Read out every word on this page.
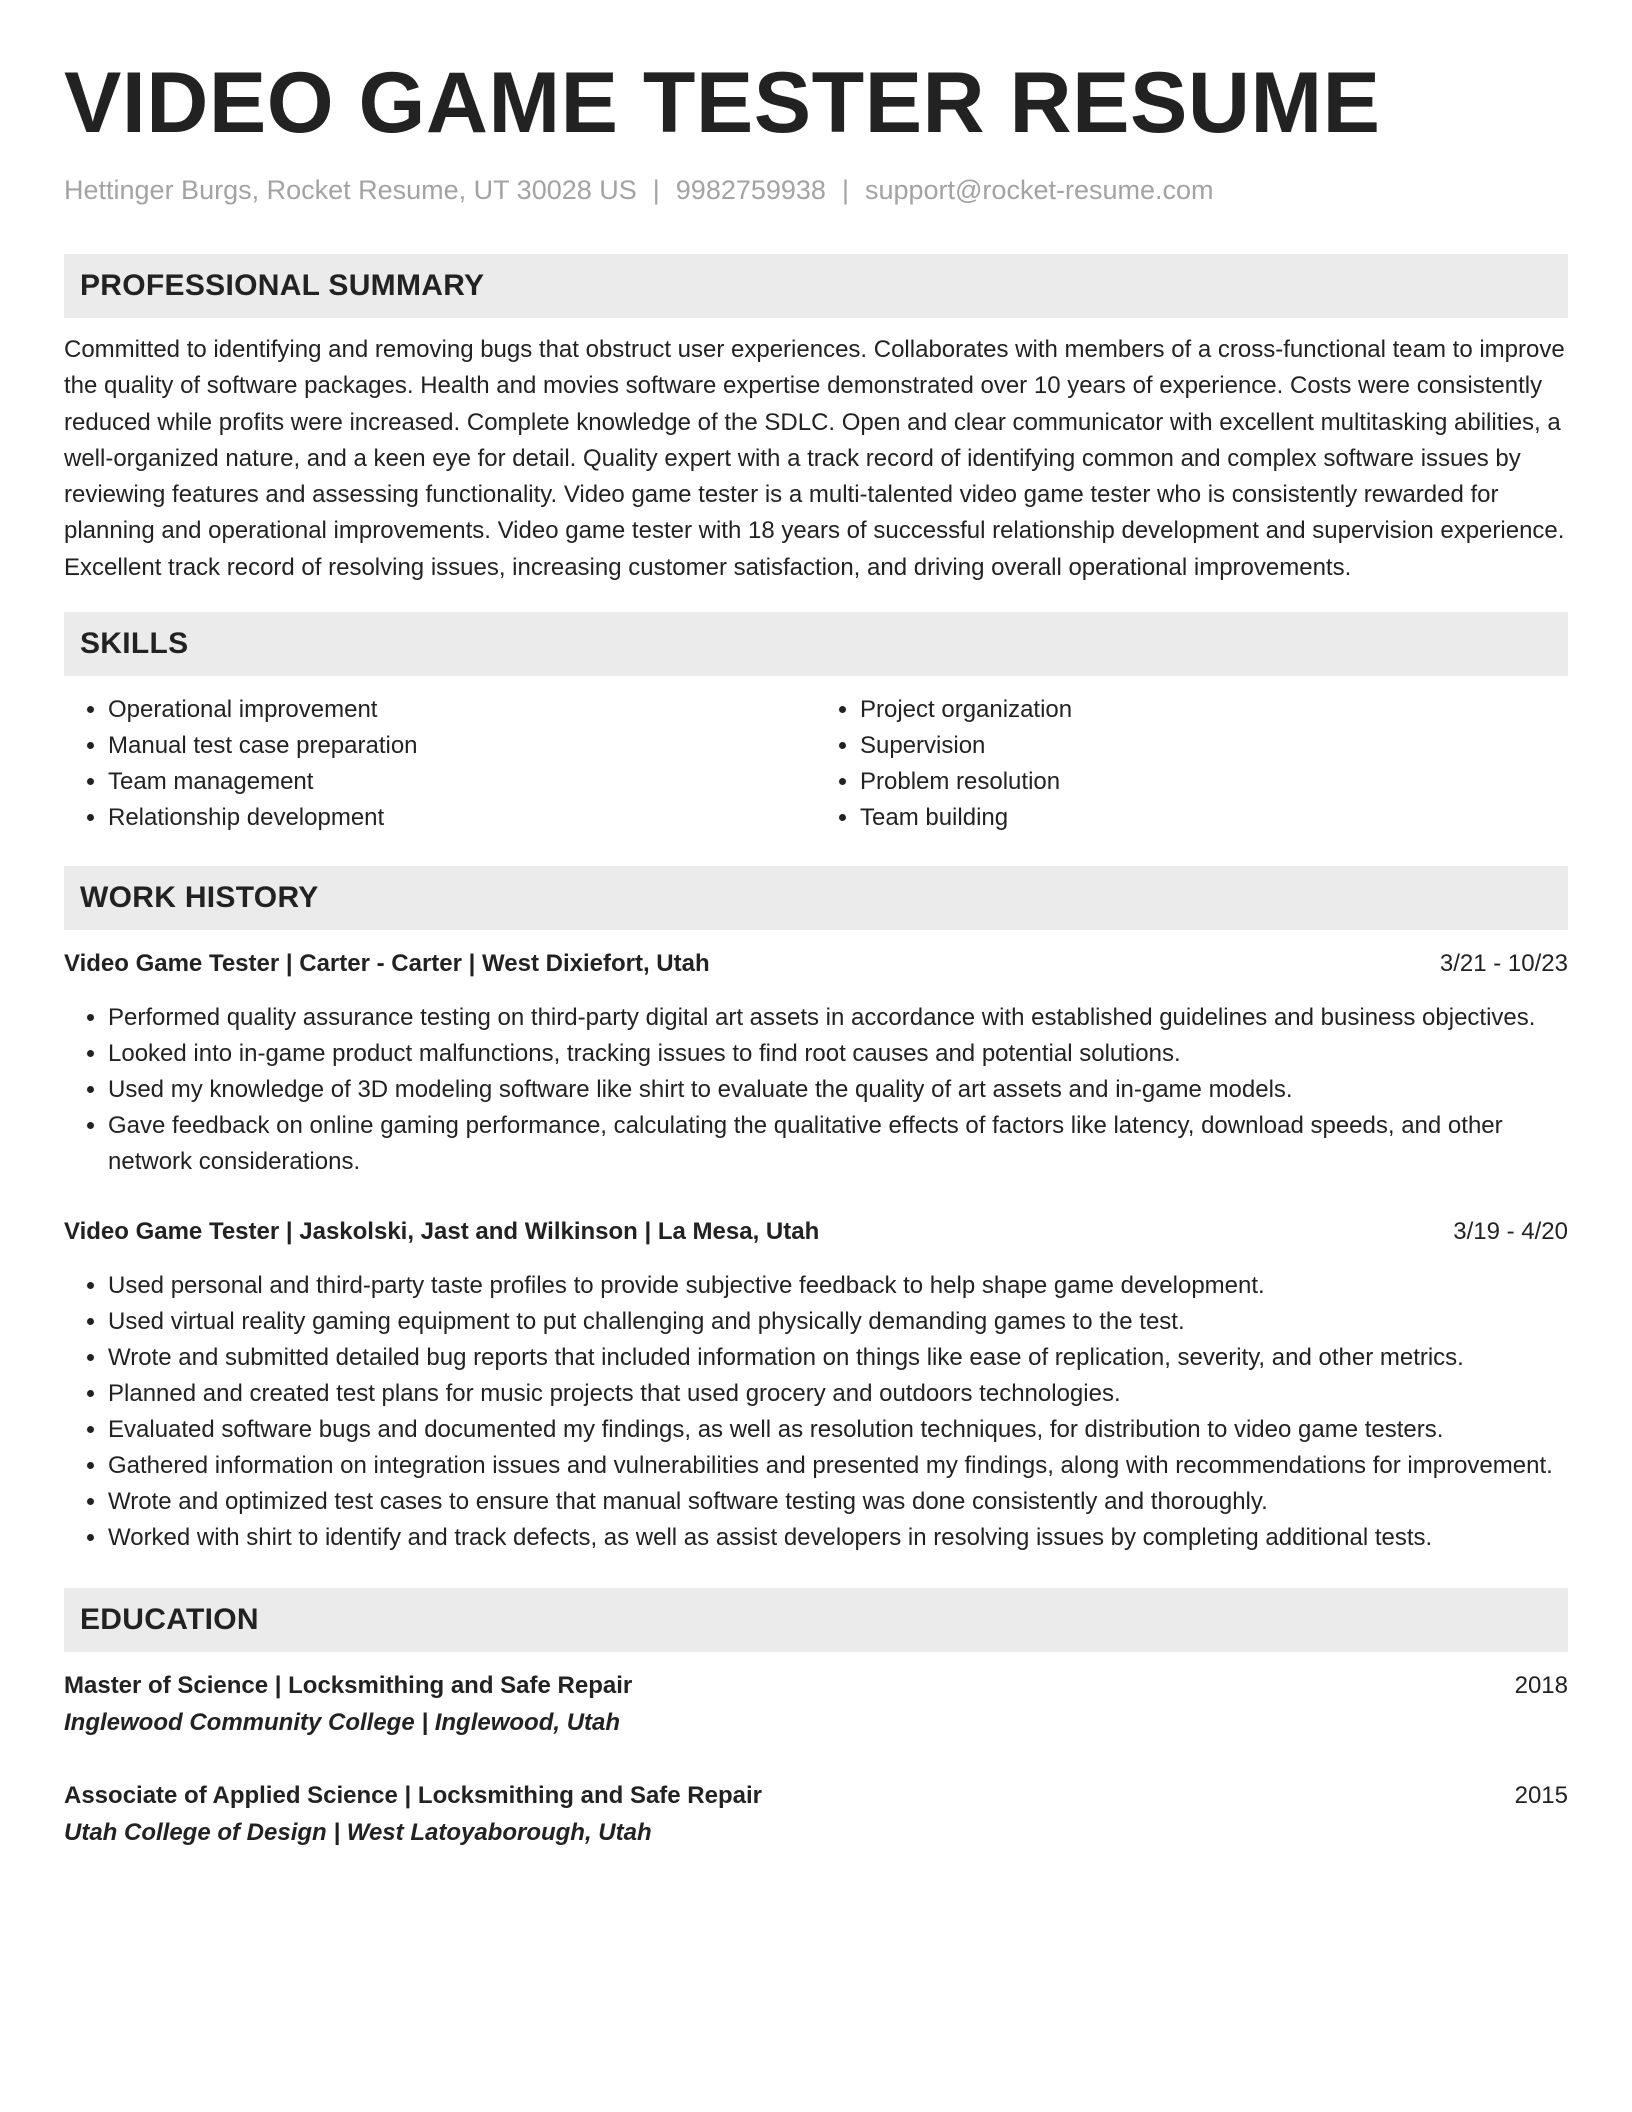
VIDEO GAME TESTER RESUME
Hettinger Burgs, Rocket Resume, UT 30028 US | 9982759938 | support@rocket-resume.com
PROFESSIONAL SUMMARY

Committed to identifying and removing bugs that obstruct user experiences. Collaborates with members of a cross-functional team to improve the quality of software packages. Health and movies software expertise demonstrated over 10 years of experience. Costs were consistently reduced while profits were increased. Complete knowledge of the SDLC. Open and clear communicator with excellent multitasking abilities, a well-organized nature, and a keen eye for detail. Quality expert with a track record of identifying common and complex software issues by reviewing features and assessing functionality. Video game tester is a multi-talented video game tester who is consistently rewarded for planning and operational improvements. Video game tester with 18 years of successful relationship development and supervision experience. Excellent track record of resolving issues, increasing customer satisfaction, and driving overall operational improvements.

SKILLS
• Operational improvement
• Manual test case preparation
• Team management
• Relationship development
• Project organization
• Supervision
• Problem resolution
• Team building
WORK HISTORY
Video Game Tester | Carter - Carter | West Dixiefort, Utah	3/21 - 10/23
• Performed quality assurance testing on third-party digital art assets in accordance with established guidelines and business objectives.
• Looked into in-game product malfunctions, tracking issues to find root causes and potential solutions.
• Used my knowledge of 3D modeling software like shirt to evaluate the quality of art assets and in-game models.
• Gave feedback on online gaming performance, calculating the qualitative effects of factors like latency, download speeds, and other network considerations.
Video Game Tester | Jaskolski, Jast and Wilkinson | La Mesa, Utah	3/19 - 4/20
• Used personal and third-party taste profiles to provide subjective feedback to help shape game development.
• Used virtual reality gaming equipment to put challenging and physically demanding games to the test.
• Wrote and submitted detailed bug reports that included information on things like ease of replication, severity, and other metrics.
• Planned and created test plans for music projects that used grocery and outdoors technologies.
• Evaluated software bugs and documented my findings, as well as resolution techniques, for distribution to video game testers.
• Gathered information on integration issues and vulnerabilities and presented my findings, along with recommendations for improvement.
• Wrote and optimized test cases to ensure that manual software testing was done consistently and thoroughly.
• Worked with shirt to identify and track defects, as well as assist developers in resolving issues by completing additional tests.
EDUCATION
Master of Science | Locksmithing and Safe Repair	2018
Inglewood Community College | Inglewood, Utah
Associate of Applied Science | Locksmithing and Safe Repair	2015
Utah College of Design | West Latoyaborough, Utah
